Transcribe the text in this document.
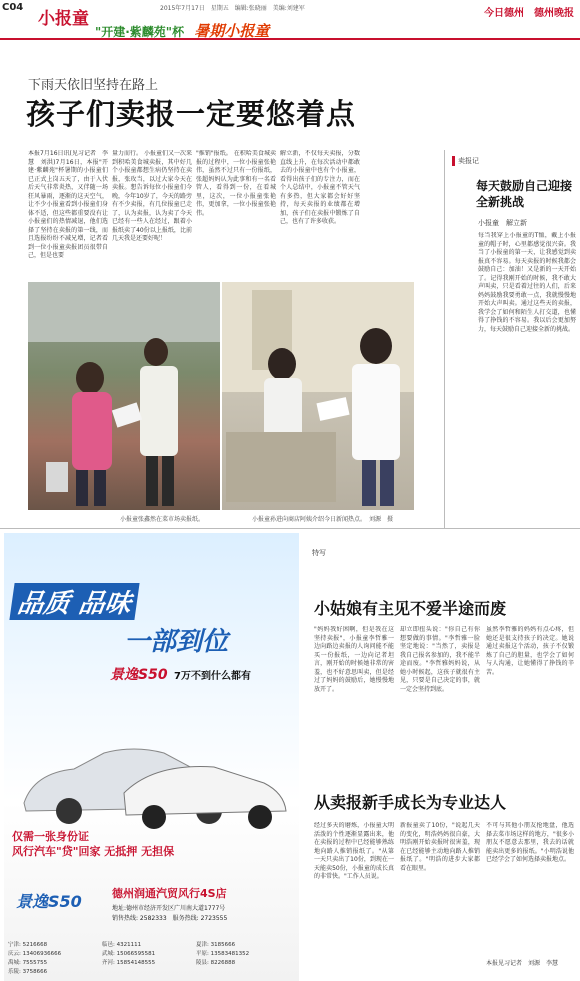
C04
小报童
2015年7月17日　星期五　编辑:张晓丽　美编:刘建军	今日德州　德州晚报
"开建·紫麟苑"杯 暑期小报童
下雨天依旧坚持在路上
孩子们卖报一定要悠着点
本报7月16日讯(见习记者　李慧　刘洪)7月16日，本报"开建·紫麟苑"杯暑期的小报童们已正式上岗五天了，由于入伏后天气非常炎热，又伴随一场狂风暴雨，逐渐的这天空气，让不少小报童看到小报童们身体不适，但这些都重要没有让小报童们的热情减退，他们选择了坚持在卖报的第一线，而且选报纷纷不减兄增，记者看到一位小报童卖报团员很带自己，但是也要
量力而行。 小报童们又一次来到积哈美食城卖报，其中好几个小报童都想生病仍坚持在卖报，张玫当，以过大家今天在卖报。想告诉每位小报童们今晚，今年10岁了，今天的路旁有不少卖报，有几位报童已走了，认为卖报，认为卖了今天已经有一些人在经过，跟着小报纸卖了40份以上报纸，比前几天我是还要好呢！
"推销"报纸。 在积哈美食城卖报的过程中，一位小报童张艳伟，虽然不过只有一份报纸，张超妈妈认为此事和有一名看管人，看得到一份，在看城里，这次，一位小报童张艳伟，更加拿，一位小报童张艳伟。
解立新，不仅每天卖报，分数直线上升，在每次活动中都敢去的小报童中也有个小报童，看得出孩子们的专注力，而在个人总结中，小报童不管天气有多热，但大家都会好好坚持，每天卖报的业绩都在增加，孩子们在卖报中锻炼了自己，也有了许多收获。
小报童张鑫然在菜市场卖报纸。	小报童孙进向商店阿姨介绍今日新闻热点。　刘源　摄
卖报记
每天鼓励自己迎接全新挑战
小报童　解立新
每当我穿上小报童的T恤，戴上小报童的帽子时，心里都感觉很兴奋。我当了小报童的第一天，让我感觉到卖报真不容易。每天卖报的时候我都会鼓励自己：加油！又是新的一天开始了。记得我刚开始的时候，我不敢大声叫卖，只是看着过往的人们，后来妈妈鼓励我要勇敢一点，我就慢慢地开始大声叫卖。通过这些天的卖报，我学会了如何和陌生人打交道，也懂得了挣钱的不容易。我以后会更加努力，每天鼓励自己迎接全新的挑战。
品质 品味
一部到位
景逸S50 7万不到什么都有
仅需一张身份证
风行汽车"贷"回家 无抵押 无担保
景逸S50	德州润通汽贸风行4S店
地址:德州市经济开发区广川南大道1777号
销售热线: 2582333　服务热线: 2723555
宁津: 5216668	临邑: 4321111	夏津: 3185666 庆云: 13406936666	武城: 15066595581	平原: 13583481352 禹城: 7555755	齐河: 15854148555	陵县: 8226888 乐陵: 3758666
特写
小姑娘有主见不爱半途而废
"妈妈我好困啊，但是我在这坚持卖报"，小报童李哲雅一边向路边卖报的人询问能不能买一份报纸，一边向记者坦言，刚开始的时候她非常的害羞，也不好意思叫卖，但是经过了妈妈的鼓励后，她慢慢地放开了。
却立即扭头说："你自己有你想要做的事情。"李哲雅一脸坚定地说："当然了，卖报是我自己报名参加的，我不能半途而废。"李哲雅妈妈说，从她小时候起，这孩子就很有主见，只要是自己决定的事，就一定会坚持到底。
虽然李哲雅的妈妈有点心疼，但她还是很支持孩子的决定。她说通过卖报这个活动，孩子不仅锻炼了自己的胆量，也学会了如何与人沟通，让她懂得了挣钱的辛苦。
从卖报新手成长为专业达人
经过多天的磨炼，小报童大明活泼的个性逐渐显露出来，他在卖报的过程中已经能够熟练地向路人推销报纸了。"从第一天只卖出了10份，到现在一天能卖50份，小报童的成长真的非常快。"工作人员说。
新报童卖了10份，"说起几天的变化，明浩妈妈很自豪，大明浩刚开始卖报时很害羞，现在已经能够主动地向路人推销报纸了。"明浩的进步大家都看在眼里。
不可与其他小朋友抢地盘，他选择去菜市场这样的地方，"很多小朋友不愿意去那里，我去的话就能卖出更多的报纸。"小明浩说他已经学会了如何选择卖报地点。
本报见习记者　刘源　李慧
